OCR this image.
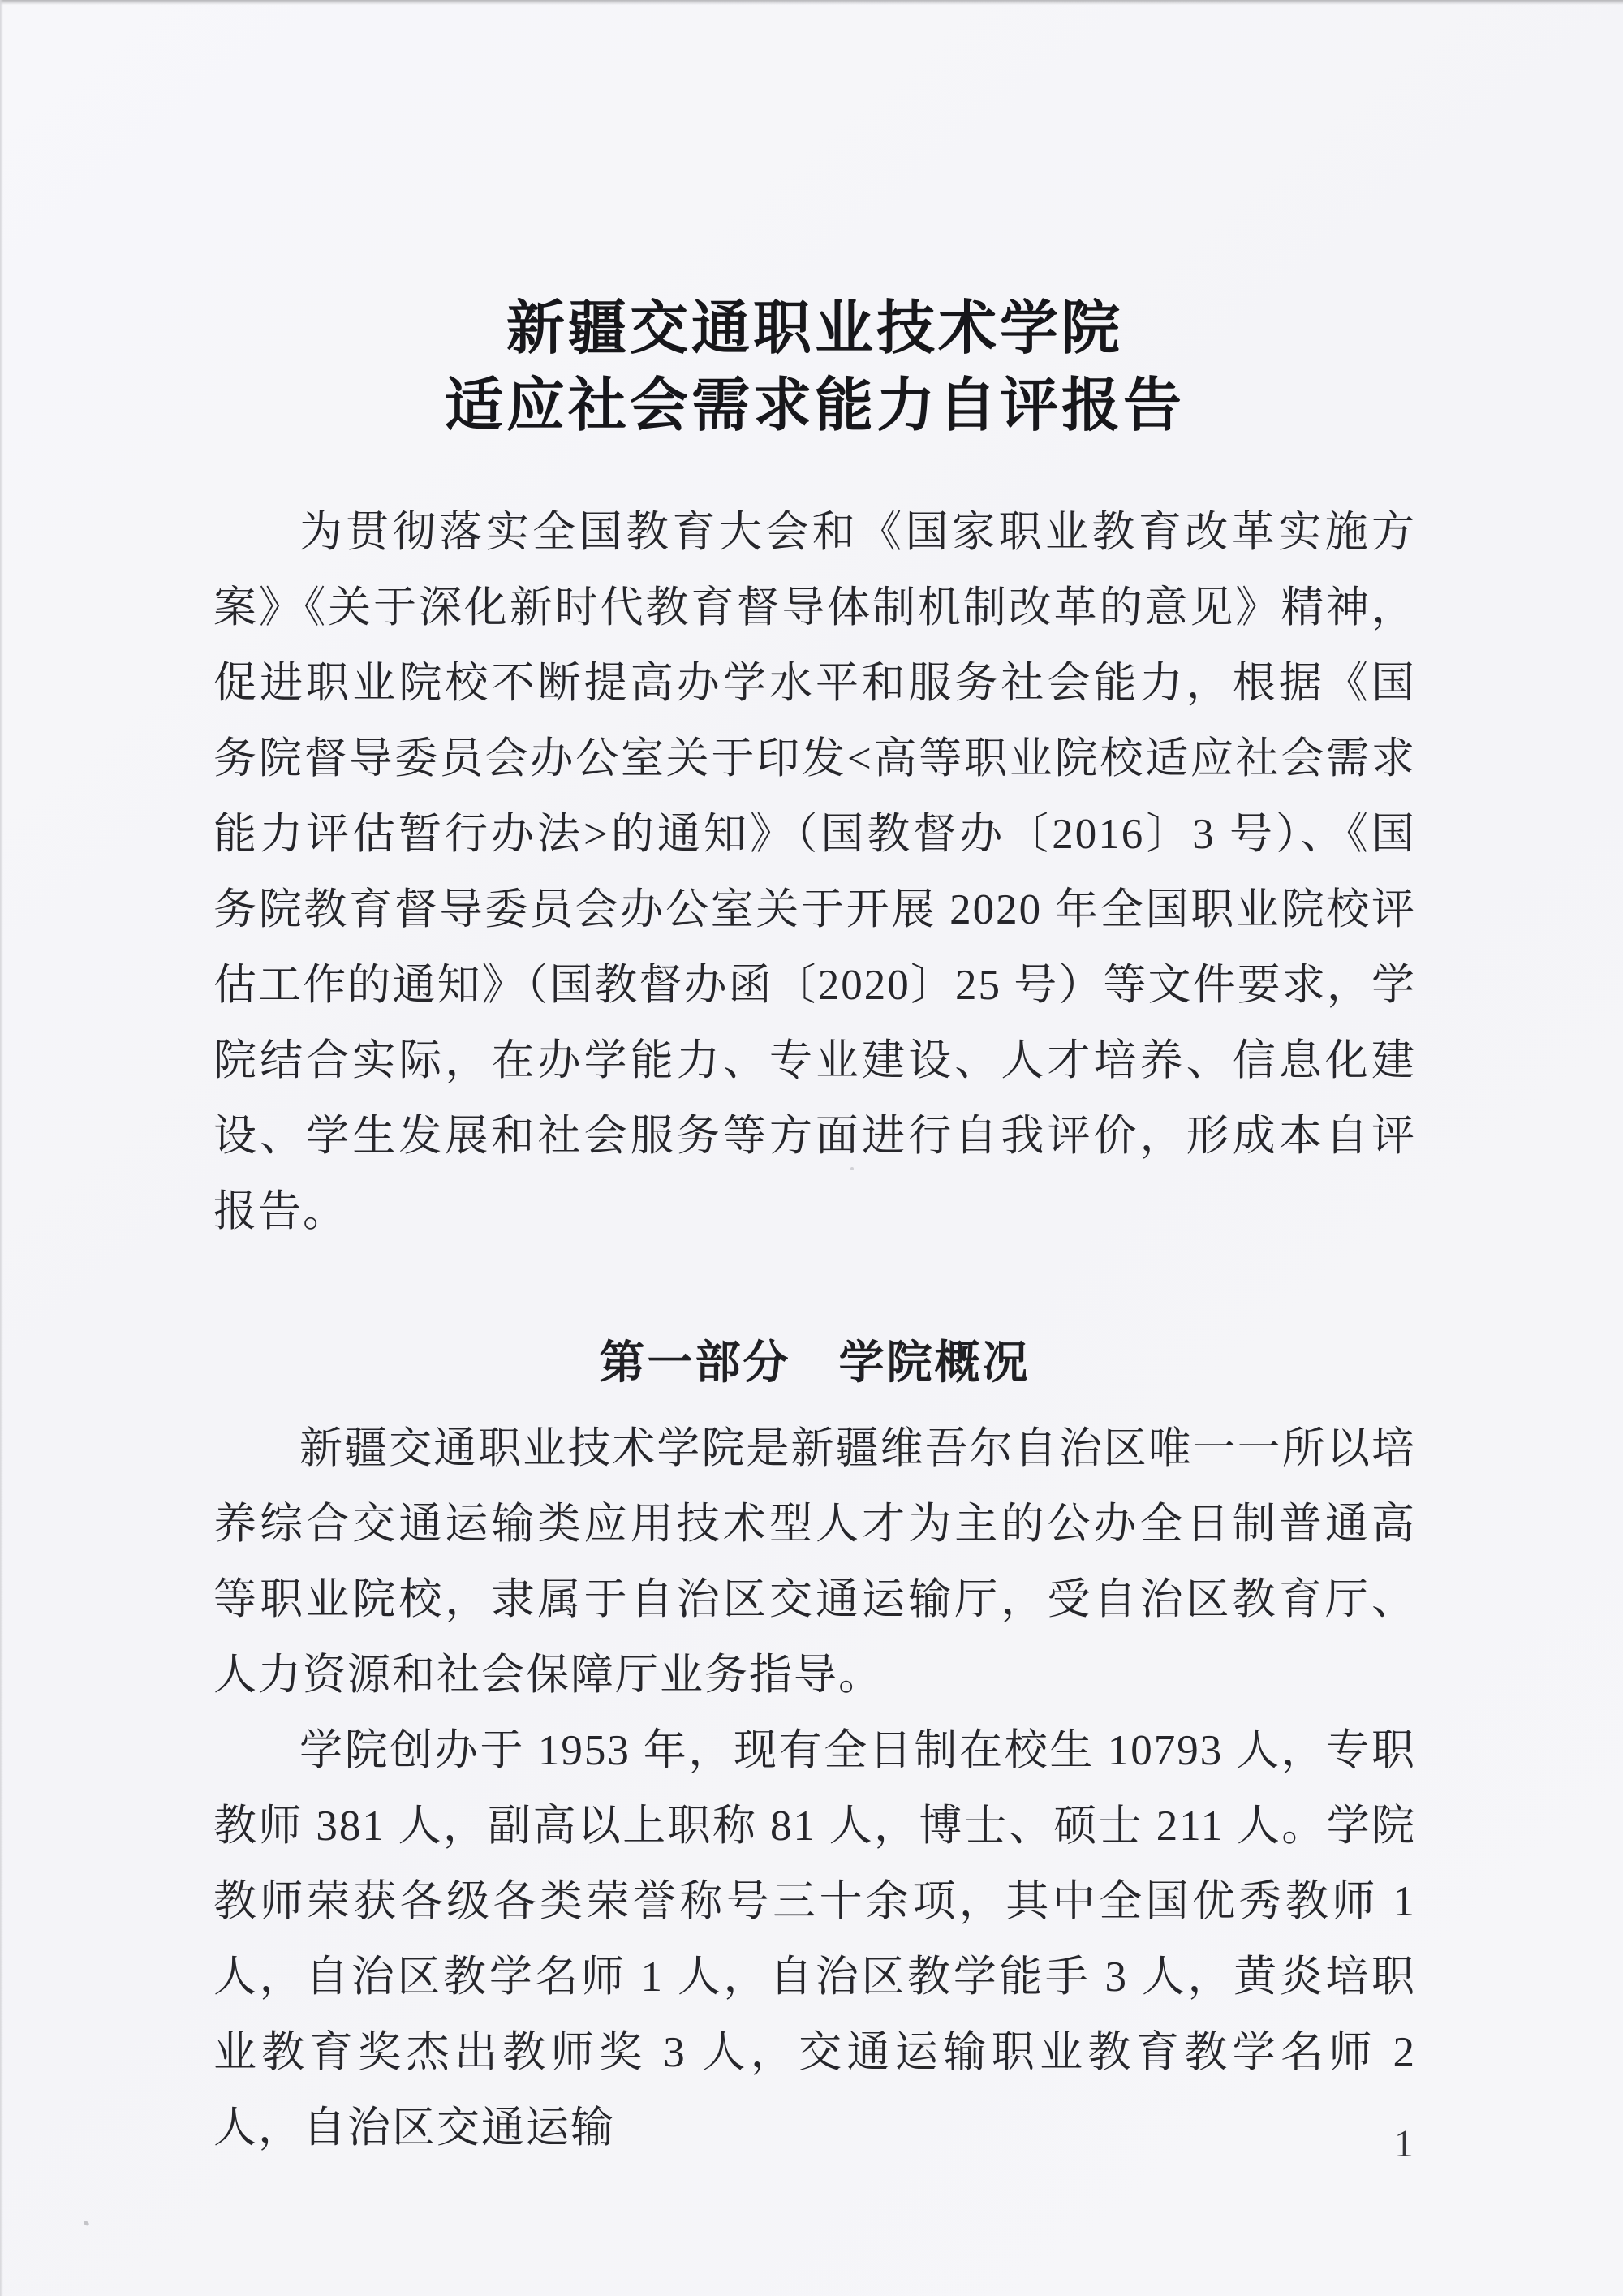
新疆交通职业技术学院
适应社会需求能力自评报告

为贯彻落实全国教育大会和《国家职业教育改革实施方案》《关于深化新时代教育督导体制机制改革的意见》精神，促进职业院校不断提高办学水平和服务社会能力，根据《国务院督导委员会办公室关于印发<高等职业院校适应社会需求能力评估暂行办法>的通知》（国教督办〔2016〕3 号）、《国务院教育督导委员会办公室关于开展 2020 年全国职业院校评估工作的通知》（国教督办函〔2020〕25 号）等文件要求，学院结合实际，在办学能力、专业建设、人才培养、信息化建设、学生发展和社会服务等方面进行自我评价，形成本自评报告。

第一部分　学院概况

新疆交通职业技术学院是新疆维吾尔自治区唯一一所以培养综合交通运输类应用技术型人才为主的公办全日制普通高等职业院校，隶属于自治区交通运输厅，受自治区教育厅、人力资源和社会保障厅业务指导。

学院创办于 1953 年，现有全日制在校生 10793 人，专职教师 381 人，副高以上职称 81 人，博士、硕士 211 人。学院教师荣获各级各类荣誉称号三十余项，其中全国优秀教师 1 人，自治区教学名师 1 人，自治区教学能手 3 人，黄炎培职业教育奖杰出教师奖 3 人，交通运输职业教育教学名师 2 人，自治区交通运输	1
